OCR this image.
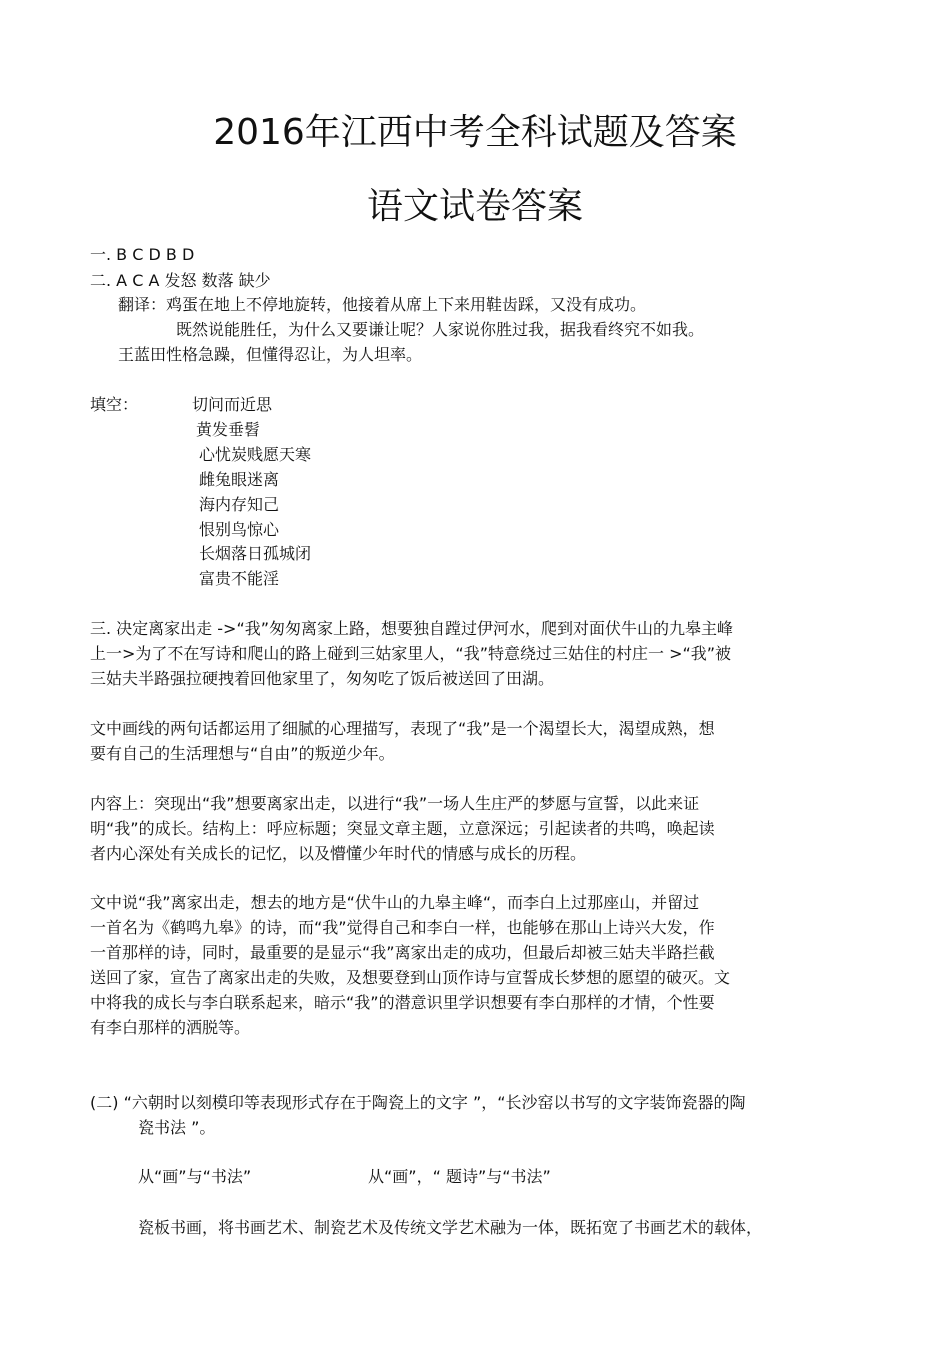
2016年江西中考全科试题及答案
语文试卷答案
一. B C D B D
二. A C A 发怒 数落 缺少
翻译：鸡蛋在地上不停地旋转，他接着从席上下来用鞋齿踩，又没有成功。
既然说能胜任，为什么又要谦让呢？人家说你胜过我，据我看终究不如我。
王蓝田性格急躁，但懂得忍让，为人坦率。
填空：	切问而近思
黄发垂髫
心忧炭贱愿天寒
雌兔眼迷离
海内存知己
恨别鸟惊心
长烟落日孤城闭
富贵不能淫
三. 决定离家出走 ->“我”匆匆离家上路，想要独自蹚过伊河水，爬到对面伏牛山的九皋主峰
上一>为了不在写诗和爬山的路上碰到三姑家里人，“我”特意绕过三姑住的村庄一 >“我”被
三姑夫半路强拉硬拽着回他家里了，匆匆吃了饭后被送回了田湖。
文中画线的两句话都运用了细腻的心理描写，表现了“我”是一个渴望长大，渴望成熟，想
要有自己的生活理想与“自由”的叛逆少年。
内容上：突现出“我”想要离家出走，以进行“我”一场人生庄严的梦愿与宣誓，以此来证
明“我”的成长。结构上：呼应标题；突显文章主题，立意深远；引起读者的共鸣，唤起读
者内心深处有关成长的记忆，以及懵懂少年时代的情感与成长的历程。
文中说“我”离家出走，想去的地方是“伏牛山的九皋主峰“，而李白上过那座山，并留过
一首名为《鹤鸣九皋》的诗，而“我”觉得自己和李白一样，也能够在那山上诗兴大发，作
一首那样的诗，同时，最重要的是显示“我”离家出走的成功，但最后却被三姑夫半路拦截
送回了家，宣告了离家出走的失败，及想要登到山顶作诗与宣誓成长梦想的愿望的破灭。文
中将我的成长与李白联系起来，暗示“我”的潜意识里学识想要有李白那样的才情，个性要
有李白那样的洒脱等。
(二) “六朝时以刻模印等表现形式存在于陶瓷上的文字 ”，“长沙窑以书写的文字装饰瓷器的陶
瓷书法 ”。
从“画”与“书法”	从“画”，“ 题诗”与“书法”
瓷板书画，将书画艺术、制瓷艺术及传统文学艺术融为一体，既拓宽了书画艺术的载体，
